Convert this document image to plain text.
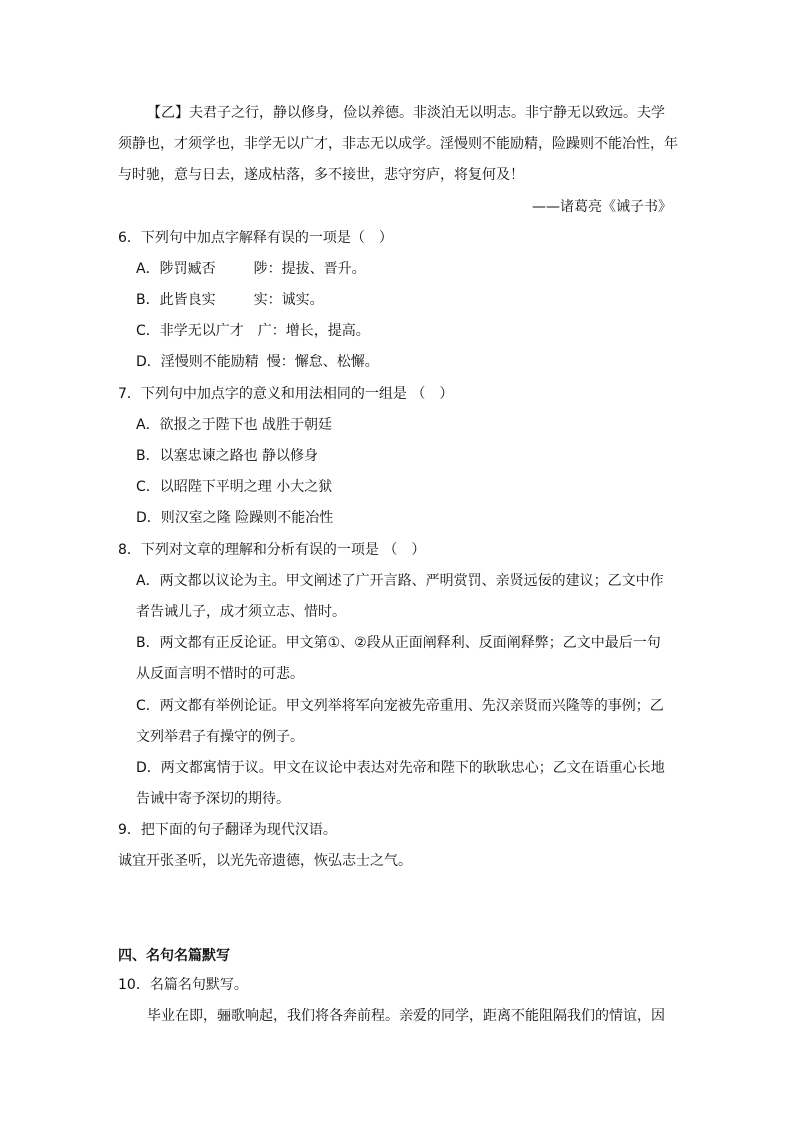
【乙】夫君子之行，静以修身，俭以养德。非淡泊无以明志。非宁静无以致远。夫学
须静也，才须学也，非学无以广才，非志无以成学。淫慢则不能励精，险躁则不能冶性，年
与时驰，意与日去，遂成枯落，多不接世，悲守穷庐，将复何及！
——诸葛亮《诫子书》
6．下列句中加点字解释有误的一项是（　）
A．陟罚臧否	陟：提拔、晋升。
B．此皆良实	实：诚实。
C．非学无以广才 广：增长，提高。
D．淫慢则不能励精 慢：懈怠、松懈。
7．下列句中加点字的意义和用法相同的一组是 （　）
A．欲报之于陛下也 战胜于朝廷
B．以塞忠谏之路也 静以修身
C．以昭陛下平明之理 小大之狱
D．则汉室之隆 险躁则不能冶性
8．下列对文章的理解和分析有误的一项是 （　）
A．两文都以议论为主。甲文阐述了广开言路、严明赏罚、亲贤远佞的建议；乙文中作
者告诫儿子，成才须立志、惜时。
B．两文都有正反论证。甲文第①、②段从正面阐释利、反面阐释弊；乙文中最后一句
从反面言明不惜时的可悲。
C．两文都有举例论证。甲文列举将军向宠被先帝重用、先汉亲贤而兴隆等的事例；乙
文列举君子有操守的例子。
D．两文都寓情于议。甲文在议论中表达对先帝和陛下的耿耿忠心；乙文在语重心长地
告诫中寄予深切的期待。
9．把下面的句子翻译为现代汉语。
诚宜开张圣听，以光先帝遗德，恢弘志士之气。
四、名句名篇默写
10．名篇名句默写。
毕业在即，骊歌响起，我们将各奔前程。亲爱的同学，距离不能阻隔我们的情谊，因
